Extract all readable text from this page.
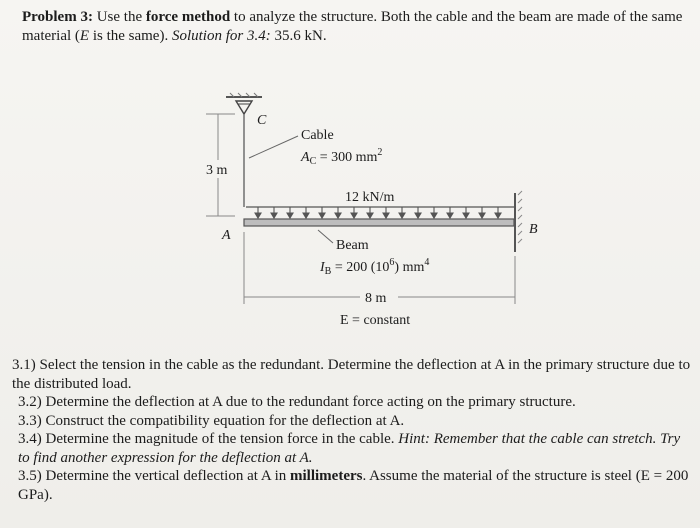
Problem 3: Use the force method to analyze the structure. Both the cable and the beam are made of the same material (E is the same). Solution for 3.4: 35.6 kN.
C
Cable
$A_C = 300$ $mm^2$
3 m
12 kN/m
A	B
Beam
$I_B = 200$ $(10^6)$ $mm^4$
8 m
E = constant

3.1) Select the tension in the cable as the redundant. Determine the deflection at A in the primary structure due to the distributed load.

3.2) Determine the deflection at A due to the redundant force acting on the primary structure.

3.3) Construct the compatibility equation for the deflection at A.

3.4) Determine the magnitude of the tension force in the cable. Hint: Remember that the cable can stretch. Try to find another expression for the deflection at A.

3.5) Determine the vertical deflection at A in millimeters. Assume the material of the structure is steel (E = 200 GPa).
